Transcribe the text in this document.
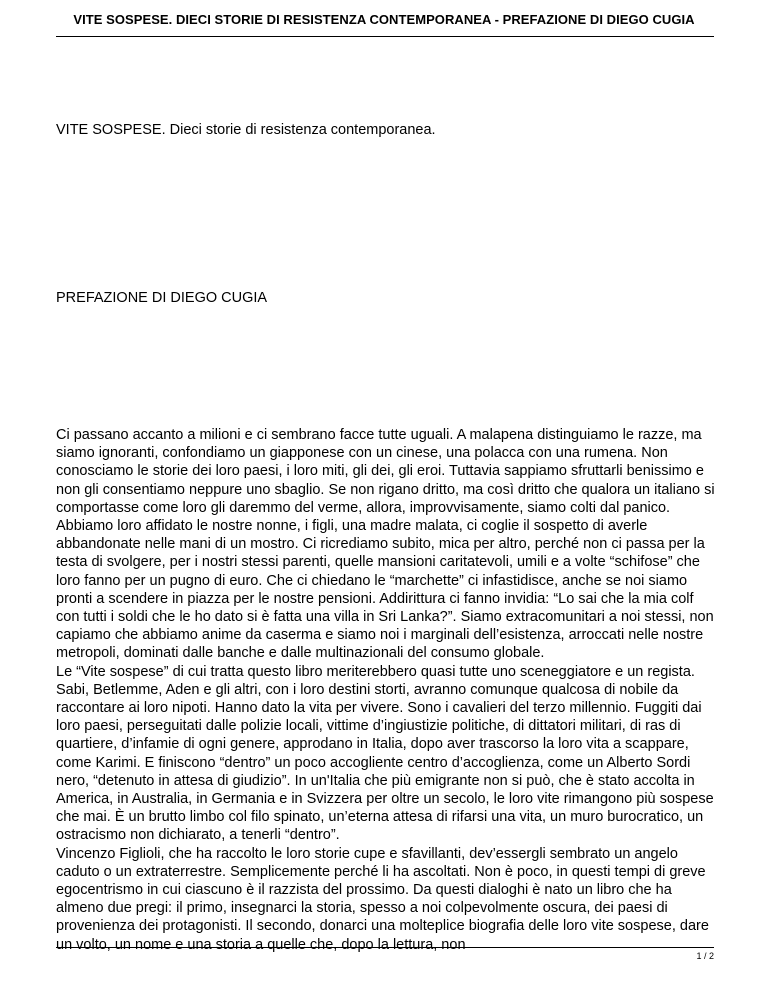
VITE SOSPESE. DIECI STORIE DI RESISTENZA CONTEMPORANEA - PREFAZIONE DI DIEGO CUGIA
VITE SOSPESE. Dieci storie di resistenza contemporanea.
PREFAZIONE DI DIEGO CUGIA

Ci passano accanto a milioni e ci sembrano facce tutte uguali. A malapena distinguiamo le razze, ma siamo ignoranti, confondiamo un giapponese con un cinese, una polacca con una rumena. Non conosciamo le storie dei loro paesi, i loro miti, gli dei, gli eroi. Tuttavia sappiamo sfruttarli benissimo e non gli consentiamo neppure uno sbaglio. Se non rigano dritto, ma così dritto che qualora un italiano si comportasse come loro gli daremmo del verme, allora, improvvisamente, siamo colti dal panico. Abbiamo loro affidato le nostre nonne, i figli, una madre malata, ci coglie il sospetto di averle abbandonate nelle mani di un mostro. Ci ricrediamo subito, mica per altro, perché non ci passa per la testa di svolgere, per i nostri stessi parenti, quelle mansioni caritatevoli, umili e a volte “schifose” che loro fanno per un pugno di euro. Che ci chiedano le “marchette” ci infastidisce, anche se noi siamo pronti a scendere in piazza per le nostre pensioni. Addirittura ci fanno invidia: “Lo sai che la mia colf con tutti i soldi che le ho dato si è fatta una villa in Sri Lanka?”. Siamo extracomunitari a noi stessi, non capiamo che abbiamo anime da caserma e siamo noi i marginali dell’esistenza, arroccati nelle nostre metropoli, dominati dalle banche e dalle multinazionali del consumo globale.

Le “Vite sospese” di cui tratta questo libro meriterebbero quasi tutte uno sceneggiatore e un regista. Sabi, Betlemme, Aden e gli altri, con i loro destini storti, avranno comunque qualcosa di nobile da raccontare ai loro nipoti. Hanno dato la vita per vivere. Sono i cavalieri del terzo millennio. Fuggiti dai loro paesi, perseguitati dalle polizie locali, vittime d’ingiustizie politiche, di dittatori militari, di ras di quartiere, d’infamie di ogni genere, approdano in Italia, dopo aver trascorso la loro vita a scappare, come Karimi. E finiscono “dentro” un poco accogliente centro d’accoglienza, come un Alberto Sordi nero, “detenuto in attesa di giudizio”. In un'Italia che più emigrante non si può, che è stato accolta in America, in Australia, in Germania e in Svizzera per oltre un secolo, le loro vite rimangono più sospese che mai. È un brutto limbo col filo spinato, un’eterna attesa di rifarsi una vita, un muro burocratico, un ostracismo non dichiarato, a tenerli “dentro”.

Vincenzo Figlioli, che ha raccolto le loro storie cupe e sfavillanti, dev’essergli sembrato un angelo caduto o un extraterrestre. Semplicemente perché li ha ascoltati. Non è poco, in questi tempi di greve egocentrismo in cui ciascuno è il razzista del prossimo. Da questi dialoghi è nato un libro che ha almeno due pregi: il primo, insegnarci la storia, spesso a noi colpevolmente oscura, dei paesi di provenienza dei protagonisti. Il secondo, donarci una molteplice biografia delle loro vite sospese, dare un volto, un nome e una storia a quelle che, dopo la lettura, non

1 / 2
